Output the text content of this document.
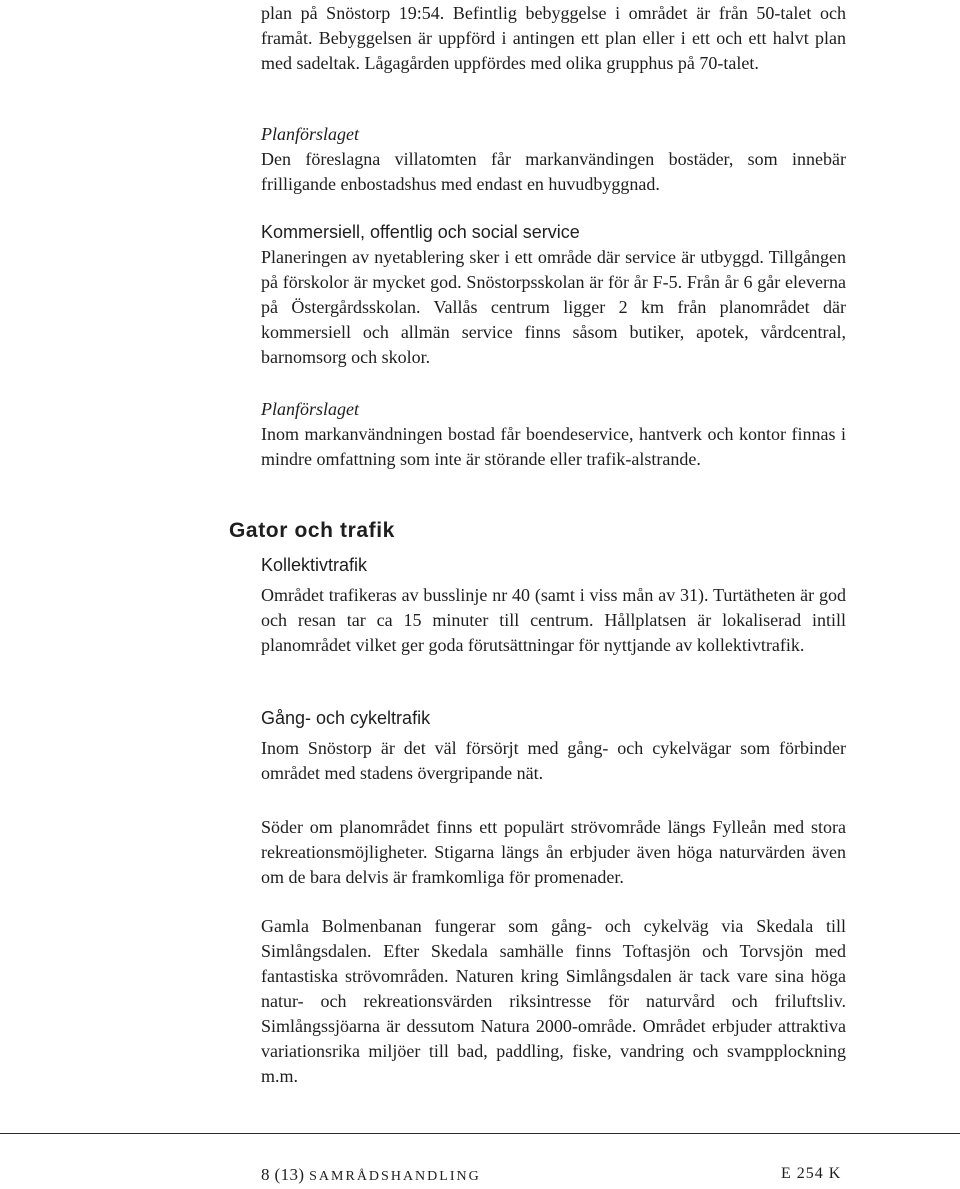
plan på Snöstorp 19:54. Befintlig bebyggelse i området är från 50-talet och framåt. Bebyggelsen är uppförd i antingen ett plan eller i ett och ett halvt plan med sadeltak. Lågagården uppfördes med olika grupphus på 70-talet.

Planförslaget

Den föreslagna villatomten får markanvändingen bostäder, som innebär frilligande enbostadshus med endast en huvudbyggnad.

Kommersiell, offentlig och social service

Planeringen av nyetablering sker i ett område där service är utbyggd. Tillgången på förskolor är mycket god. Snöstorpsskolan är för år F-5. Från år 6 går eleverna på Östergårdsskolan. Vallås centrum ligger 2 km från planområdet där kommersiell och allmän service finns såsom butiker, apotek, vårdcentral, barnomsorg och skolor.

Planförslaget

Inom markanvändningen bostad får boendeservice, hantverk och kontor finnas i mindre omfattning som inte är störande eller trafik-alstrande.

Gator och trafik

Kollektivtrafik

Området trafikeras av busslinje nr 40 (samt i viss mån av 31). Turtätheten är god och resan tar ca 15 minuter till centrum. Hållplatsen är lokaliserad intill planområdet vilket ger goda förutsättningar för nyttjande av kollektivtrafik.

Gång- och cykeltrafik

Inom Snöstorp är det väl försörjt med gång- och cykelvägar som förbinder området med stadens övergripande nät.

Söder om planområdet finns ett populärt strövområde längs Fylleån med stora rekreationsmöjligheter. Stigarna längs ån erbjuder även höga naturvärden även om de bara delvis är framkomliga för promenader.

Gamla Bolmenbanan fungerar som gång- och cykelväg via Skedala till Simlångsdalen. Efter Skedala samhälle finns Toftasjön och Torvsjön med fantastiska strövområden. Naturen kring Simlångsdalen är tack vare sina höga natur- och rekreationsvärden riksintresse för naturvård och friluftsliv. Simlångssjöarna är dessutom Natura 2000-område. Området erbjuder attraktiva variationsrika miljöer till bad, paddling, fiske, vandring och svampplockning m.m.

8 (13) SAMRÅDSHANDLING	E 254 K
